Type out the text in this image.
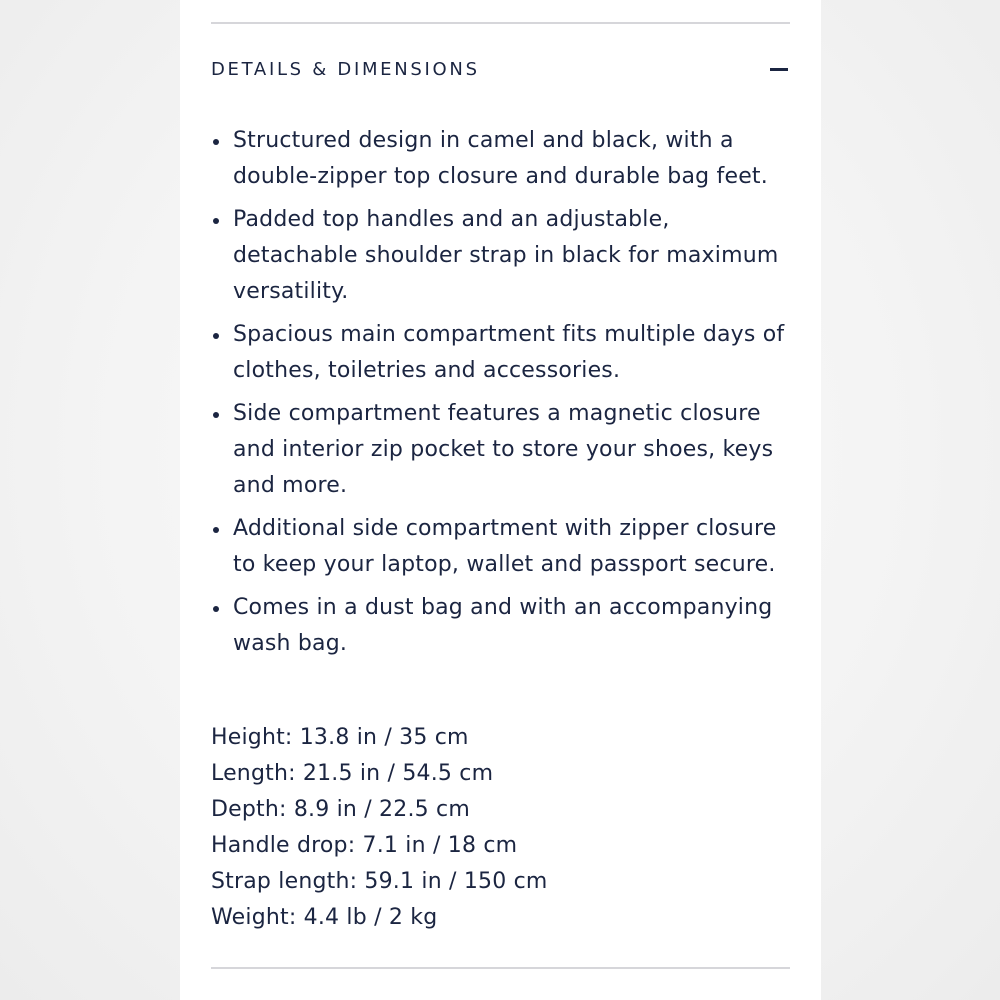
DETAILS & DIMENSIONS
Structured design in camel and black, with a double-zipper top closure and durable bag feet.
Padded top handles and an adjustable, detachable shoulder strap in black for maximum versatility.
Spacious main compartment fits multiple days of clothes, toiletries and accessories.
Side compartment features a magnetic closure and interior zip pocket to store your shoes, keys and more.
Additional side compartment with zipper closure to keep your laptop, wallet and passport secure.
Comes in a dust bag and with an accompanying wash bag.
Height: 13.8 in / 35 cm
Length: 21.5 in / 54.5 cm
Depth: 8.9 in / 22.5 cm
Handle drop: 7.1 in / 18 cm
Strap length: 59.1 in / 150 cm
Weight: 4.4 lb / 2 kg
